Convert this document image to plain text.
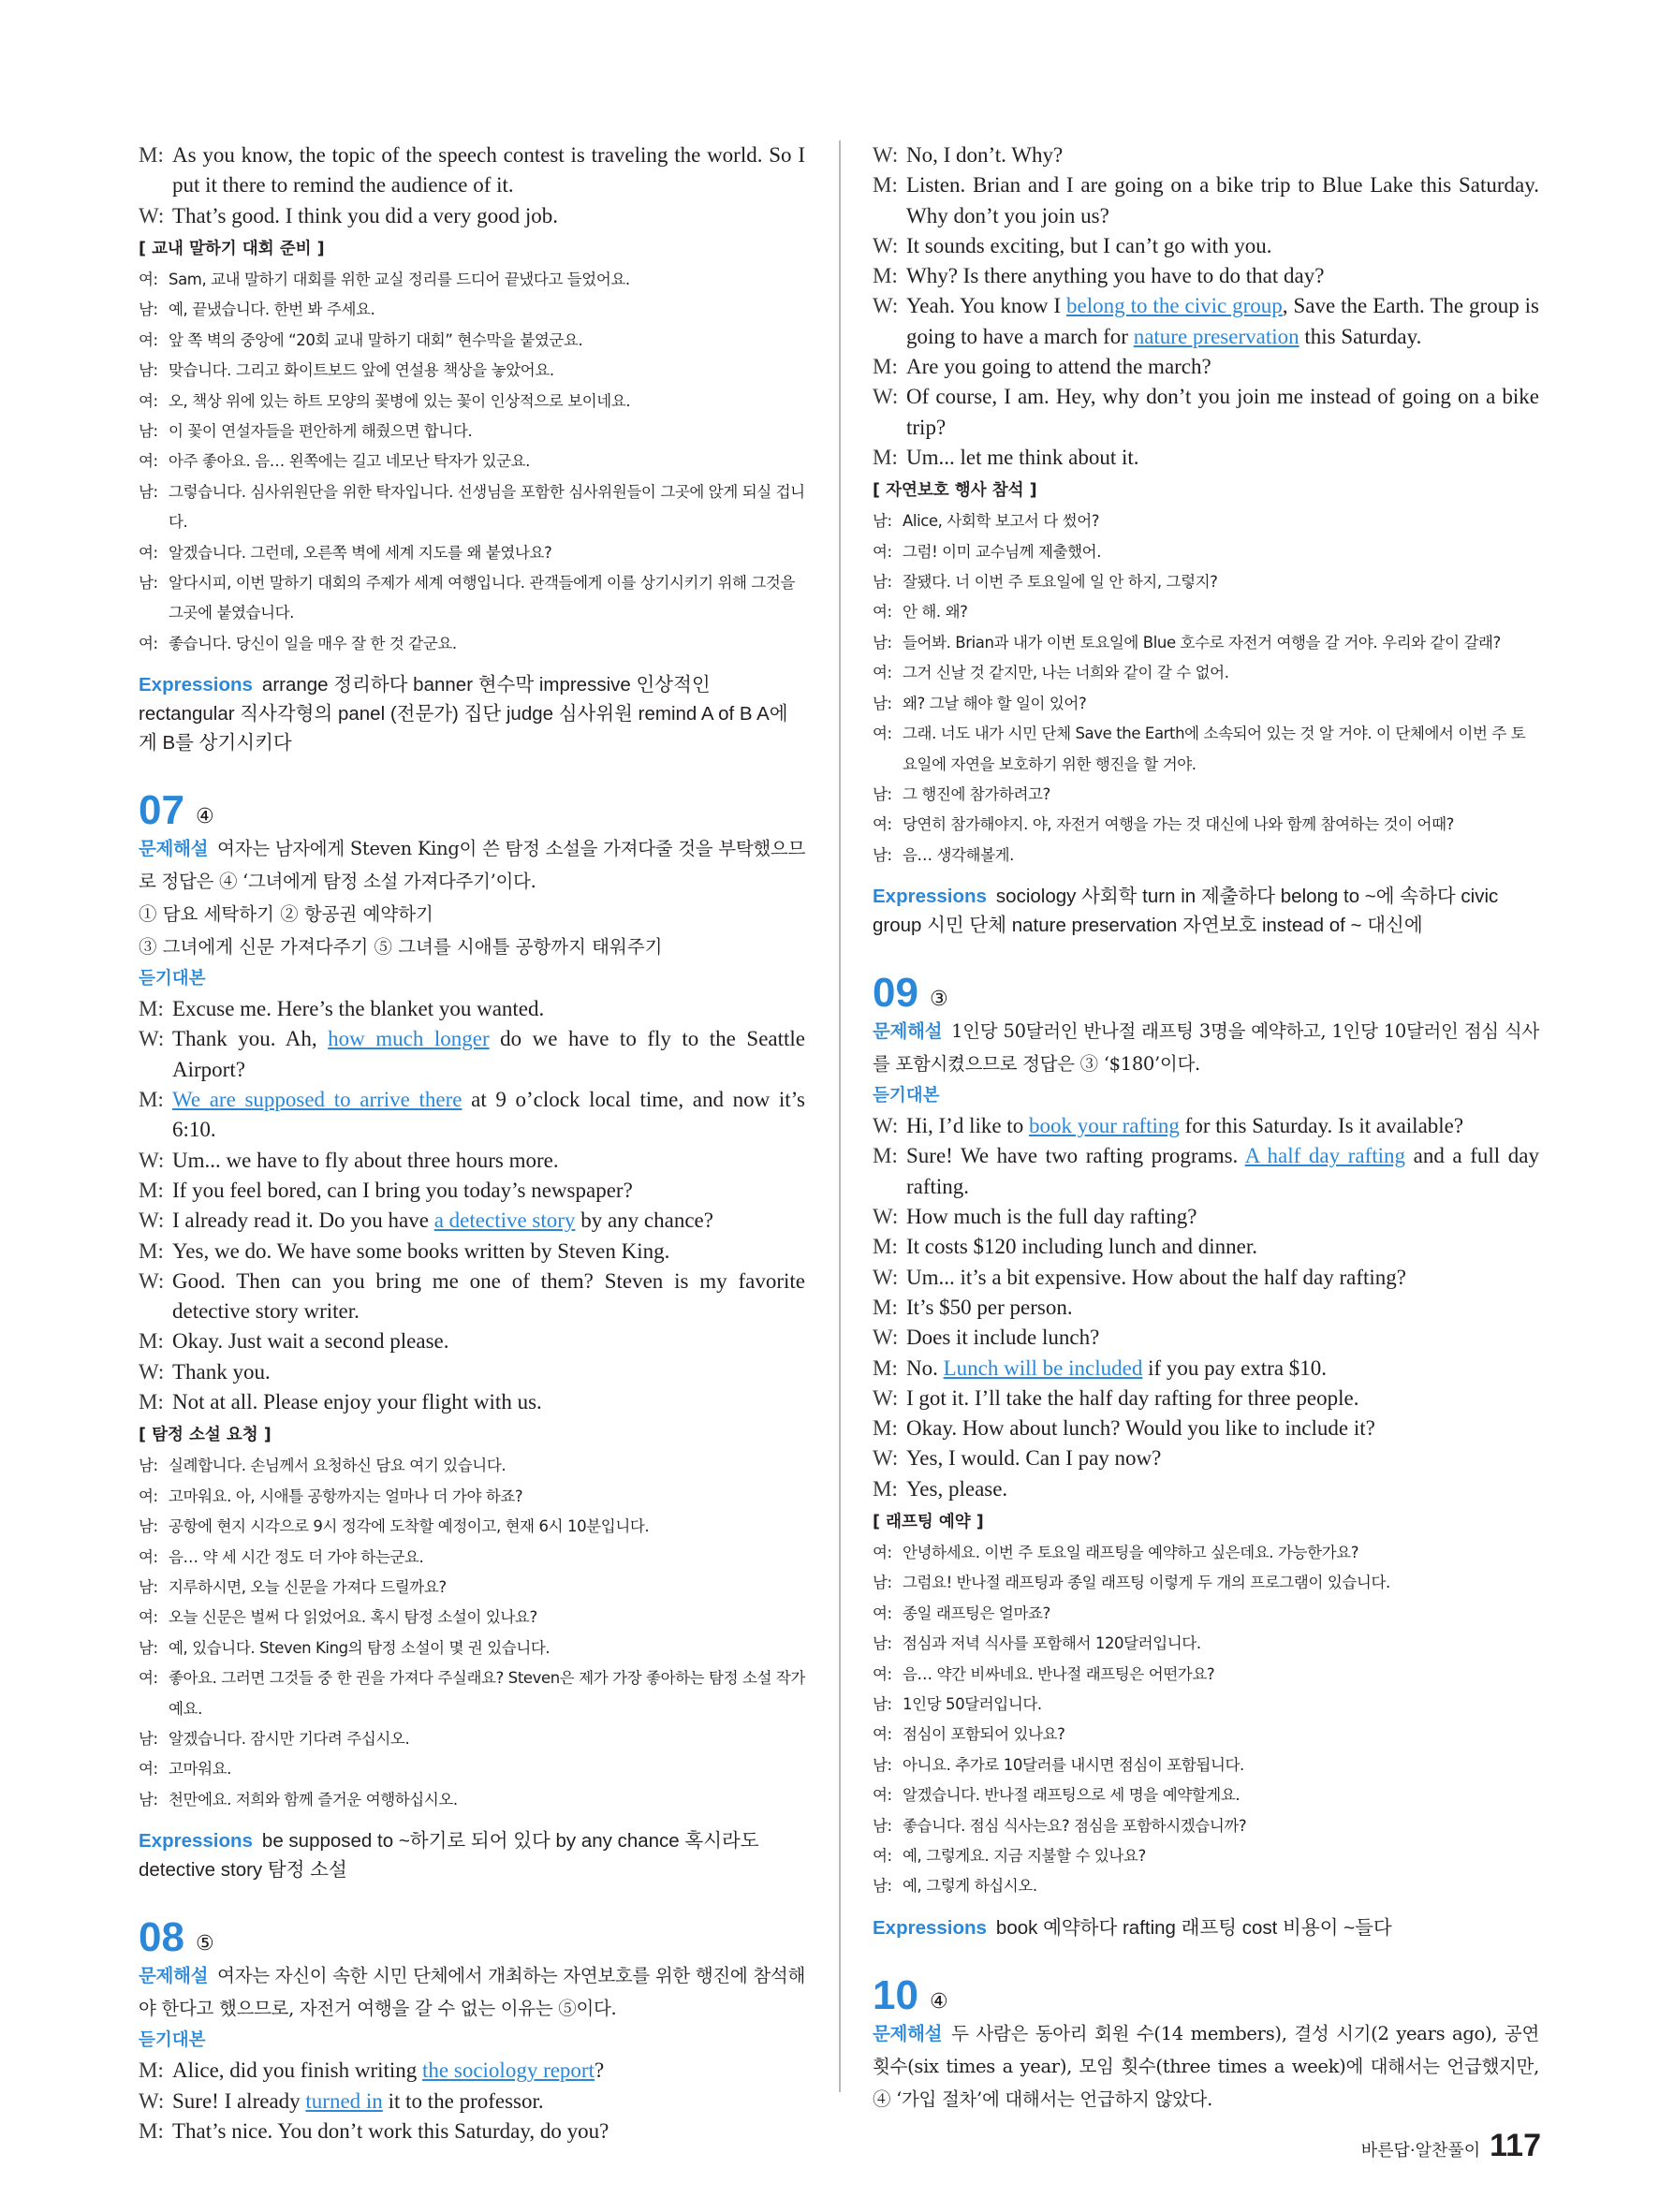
M: As you know, the topic of the speech contest is traveling the world. So I put it there to remind the audience of it.
W: That’s good. I think you did a very good job.
[ 교내 말하기 대회 준비 ]
여: Sam, 교내 말하기 대회를 위한 교실 정리를 드디어 끝냈다고 들었어요.
남: 예, 끝냈습니다. 한번 봐 주세요.
여: 앞 쪽 벽의 중앙에 “20회 교내 말하기 대회” 현수막을 붙였군요.
남: 맞습니다. 그리고 화이트보드 앞에 연설용 책상을 놓았어요.
여: 오, 책상 위에 있는 하트 모양의 꽃병에 있는 꽃이 인상적으로 보이네요.
남: 이 꽃이 연설자들을 편안하게 해줬으면 합니다.
여: 아주 좋아요. 음… 왼쪽에는 길고 네모난 탁자가 있군요.
남: 그렇습니다. 심사위원단을 위한 탁자입니다. 선생님을 포함한 심사위원들이 그곳에 앉게 되실 겁니다.
여: 알겠습니다. 그런데, 오른쪽 벽에 세계 지도를 왜 붙였나요?
남: 알다시피, 이번 말하기 대회의 주제가 세계 여행입니다. 관객들에게 이를 상기시키기 위해 그것을 그곳에 붙였습니다.
여: 좋습니다. 당신이 일을 매우 잘 한 것 같군요.
Expressions arrange 정리하다 banner 현수막 impressive 인상적인 rectangular 직사각형의 panel (전문가) 집단 judge 심사위원 remind A of B A에게 B를 상기시키다
07 ④
문제해설 여자는 남자에게 Steven King이 쓴 탐정 소설을 가져다줄 것을 부탁했으므로 정답은 ④ ‘그녀에게 탐정 소설 가져다주기’이다.
① 담요 세탁하기 ② 항공권 예약하기
③ 그녀에게 신문 가져다주기 ⑤ 그녀를 시애틀 공항까지 태워주기
듣기대본
M: Excuse me. Here’s the blanket you wanted.
W: Thank you. Ah, how much longer do we have to fly to the Seattle Airport?
M: We are supposed to arrive there at 9 o’clock local time, and now it’s 6:10.
W: Um... we have to fly about three hours more.
M: If you feel bored, can I bring you today’s newspaper?
W: I already read it. Do you have a detective story by any chance?
M: Yes, we do. We have some books written by Steven King.
W: Good. Then can you bring me one of them? Steven is my favorite detective story writer.
M: Okay. Just wait a second please.
W: Thank you.
M: Not at all. Please enjoy your flight with us.
[ 탐정 소설 요청 ]
남: 실례합니다. 손님께서 요청하신 담요 여기 있습니다.
여: 고마워요. 아, 시애틀 공항까지는 얼마나 더 가야 하죠?
남: 공항에 현지 시각으로 9시 정각에 도착할 예정이고, 현재 6시 10분입니다.
여: 음… 약 세 시간 정도 더 가야 하는군요.
남: 지루하시면, 오늘 신문을 가져다 드릴까요?
여: 오늘 신문은 벌써 다 읽었어요. 혹시 탐정 소설이 있나요?
남: 예, 있습니다. Steven King의 탐정 소설이 몇 권 있습니다.
여: 좋아요. 그러면 그것들 중 한 권을 가져다 주실래요? Steven은 제가 가장 좋아하는 탐정 소설 작가예요.
남: 알겠습니다. 잠시만 기다려 주십시오.
여: 고마워요.
남: 천만에요. 저희와 함께 즐거운 여행하십시오.
Expressions be supposed to ~하기로 되어 있다 by any chance 혹시라도 detective story 탐정 소설
08 ⑤
문제해설 여자는 자신이 속한 시민 단체에서 개최하는 자연보호를 위한 행진에 참석해야 한다고 했으므로, 자전거 여행을 갈 수 없는 이유는 ⑤이다.
듣기대본
M: Alice, did you finish writing the sociology report?
W: Sure! I already turned in it to the professor.
M: That’s nice. You don’t work this Saturday, do you?
W: No, I don’t. Why?
M: Listen. Brian and I are going on a bike trip to Blue Lake this Saturday. Why don’t you join us?
W: It sounds exciting, but I can’t go with you.
M: Why? Is there anything you have to do that day?
W: Yeah. You know I belong to the civic group, Save the Earth. The group is going to have a march for nature preservation this Saturday.
M: Are you going to attend the march?
W: Of course, I am. Hey, why don’t you join me instead of going on a bike trip?
M: Um... let me think about it.
[ 자연보호 행사 참석 ]
남: Alice, 사회학 보고서 다 썼어?
여: 그럼! 이미 교수님께 제출했어.
남: 잘됐다. 너 이번 주 토요일에 일 안 하지, 그렇지?
여: 안 해. 왜?
남: 들어봐. Brian과 내가 이번 토요일에 Blue 호수로 자전거 여행을 갈 거야. 우리와 같이 갈래?
여: 그거 신날 것 같지만, 나는 너희와 같이 갈 수 없어.
남: 왜? 그날 해야 할 일이 있어?
여: 그래. 너도 내가 시민 단체 Save the Earth에 소속되어 있는 것 알 거야. 이 단체에서 이번 주 토요일에 자연을 보호하기 위한 행진을 할 거야.
남: 그 행진에 참가하려고?
여: 당연히 참가해야지. 야, 자전거 여행을 가는 것 대신에 나와 함께 참여하는 것이 어때?
남: 음… 생각해볼게.
Expressions sociology 사회학 turn in 제출하다 belong to ~에 속하다 civic group 시민 단체 nature preservation 자연보호 instead of ~ 대신에
09 ③
문제해설 1인당 50달러인 반나절 래프팅 3명을 예약하고, 1인당 10달러인 점심 식사를 포함시켰으므로 정답은 ③ ‘$180’이다.
듣기대본
W: Hi, I’d like to book your rafting for this Saturday. Is it available?
M: Sure! We have two rafting programs. A half day rafting and a full day rafting.
W: How much is the full day rafting?
M: It costs $120 including lunch and dinner.
W: Um... it’s a bit expensive. How about the half day rafting?
M: It’s $50 per person.
W: Does it include lunch?
M: No. Lunch will be included if you pay extra $10.
W: I got it. I’ll take the half day rafting for three people.
M: Okay. How about lunch? Would you like to include it?
W: Yes, I would. Can I pay now?
M: Yes, please.
[ 래프팅 예약 ]
여: 안녕하세요. 이번 주 토요일 래프팅을 예약하고 싶은데요. 가능한가요?
남: 그럼요! 반나절 래프팅과 종일 래프팅 이렇게 두 개의 프로그램이 있습니다.
여: 종일 래프팅은 얼마죠?
남: 점심과 저녁 식사를 포함해서 120달러입니다.
여: 음… 약간 비싸네요. 반나절 래프팅은 어떤가요?
남: 1인당 50달러입니다.
여: 점심이 포함되어 있나요?
남: 아니요. 추가로 10달러를 내시면 점심이 포함됩니다.
여: 알겠습니다. 반나절 래프팅으로 세 명을 예약할게요.
남: 좋습니다. 점심 식사는요? 점심을 포함하시겠습니까?
여: 예, 그렇게요. 지금 지불할 수 있나요?
남: 예, 그렇게 하십시오.
Expressions book 예약하다 rafting 래프팅 cost 비용이 ~들다
10 ④
문제해설 두 사람은 동아리 회원 수(14 members), 결성 시기(2 years ago), 공연 횟수(six times a year), 모임 횟수(three times a week)에 대해서는 언급했지만, ④ ‘가입 절차’에 대해서는 언급하지 않았다.
바른답·알찬풀이 117
